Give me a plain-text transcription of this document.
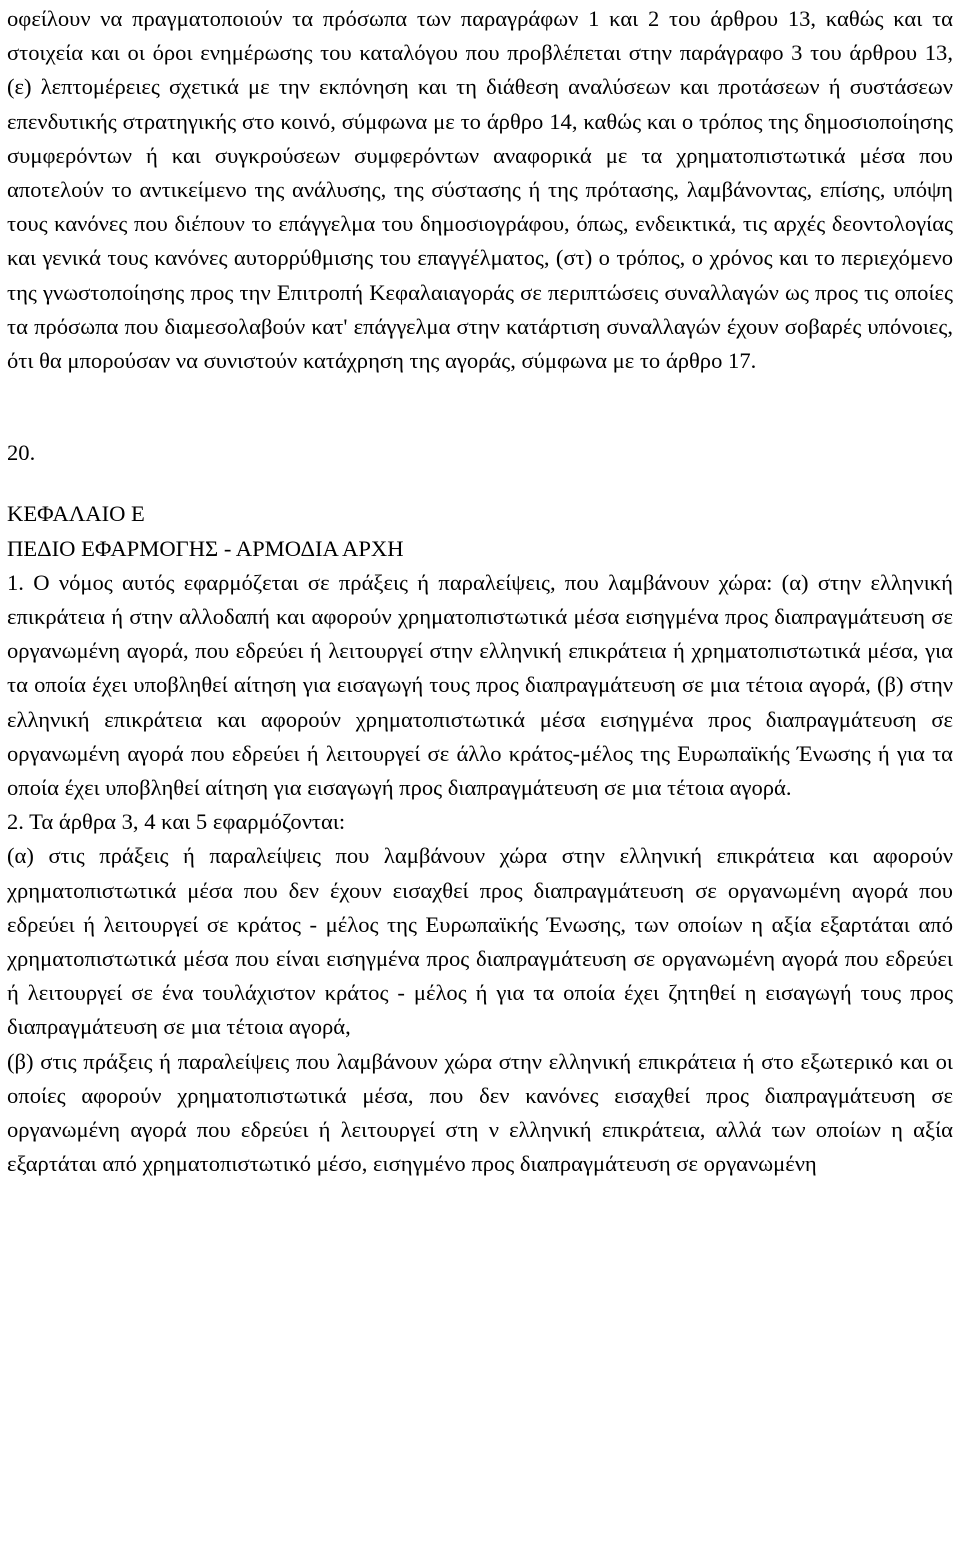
οφείλουν να πραγματοποιούν τα πρόσωπα των παραγράφων 1 και 2 του άρθρου 13, καθώς και τα στοιχεία και οι όροι ενημέρωσης του καταλόγου που προβλέπεται στην παράγραφο 3 του άρθρου 13, (ε) λεπτομέρειες σχετικά με την εκπόνηση και τη διάθεση αναλύσεων και προτάσεων ή συστάσεων επενδυτικής στρατηγικής στο κοινό, σύμφωνα με το άρθρο 14, καθώς και ο τρόπος της δημοσιοποίησης συμφερόντων ή και συγκρούσεων συμφερόντων αναφορικά με τα χρηματοπιστωτικά μέσα που αποτελούν το αντικείμενο της ανάλυσης, της σύστασης ή της πρότασης, λαμβάνοντας, επίσης, υπόψη τους κανόνες που διέπουν το επάγγελμα του δημοσιογράφου, όπως, ενδεικτικά, τις αρχές δεοντολογίας και γενικά τους κανόνες αυτορρύθμισης του επαγγέλματος, (στ) ο τρόπος, ο χρόνος και το περιεχόμενο της γνωστοποίησης προς την Επιτροπή Κεφαλαιαγοράς σε περιπτώσεις συναλλαγών ως προς τις οποίες τα πρόσωπα που διαμεσολαβούν κατ' επάγγελμα στην κατάρτιση συναλλαγών έχουν σοβαρές υπόνοιες, ότι θα μπορούσαν να συνιστούν κατάχρηση της αγοράς, σύμφωνα με το άρθρο 17.

20.

ΚΕΦΑΛΑΙΟ Ε

ΠΕΔΙΟ ΕΦΑΡΜΟΓΗΣ - ΑΡΜΟΔΙΑ ΑΡΧΗ

1. Ο νόμος αυτός εφαρμόζεται σε πράξεις ή παραλείψεις, που λαμβάνουν χώρα: (α) στην ελληνική επικράτεια ή στην αλλοδαπή και αφορούν χρηματοπιστωτικά μέσα εισηγμένα προς διαπραγμάτευση σε οργανωμένη αγορά, που εδρεύει ή λειτουργεί στην ελληνική επικράτεια ή χρηματοπιστωτικά μέσα, για τα οποία έχει υποβληθεί αίτηση για εισαγωγή τους προς διαπραγμάτευση σε μια τέτοια αγορά, (β) στην ελληνική επικράτεια και αφορούν χρηματοπιστωτικά μέσα εισηγμένα προς διαπραγμάτευση σε οργανωμένη αγορά που εδρεύει ή λειτουργεί σε άλλο κράτος-μέλος της Ευρωπαϊκής Ένωσης ή για τα οποία έχει υποβληθεί αίτηση για εισαγωγή προς διαπραγμάτευση σε μια τέτοια αγορά.

2. Τα άρθρα 3, 4 και 5 εφαρμόζονται:

(α) στις πράξεις ή παραλείψεις που λαμβάνουν χώρα στην ελληνική επικράτεια και αφορούν χρηματοπιστωτικά μέσα που δεν έχουν εισαχθεί προς διαπραγμάτευση σε οργανωμένη αγορά που εδρεύει ή λειτουργεί σε κράτος - μέλος της Ευρωπαϊκής Ένωσης, των οποίων η αξία εξαρτάται από χρηματοπιστωτικά μέσα που είναι εισηγμένα προς διαπραγμάτευση σε οργανωμένη αγορά που εδρεύει ή λειτουργεί σε ένα τουλάχιστον κράτος - μέλος ή για τα οποία έχει ζητηθεί η εισαγωγή τους προς διαπραγμάτευση σε μια τέτοια αγορά,

(β) στις πράξεις ή παραλείψεις που λαμβάνουν χώρα στην ελληνική επικράτεια ή στο εξωτερικό και οι οποίες αφορούν χρηματοπιστωτικά μέσα, που δεν κανόνες εισαχθεί προς διαπραγμάτευση σε οργανωμένη αγορά που εδρεύει ή λειτουργεί στη ν ελληνική επικράτεια, αλλά των οποίων η αξία εξαρτάται από χρηματοπιστωτικό μέσο, εισηγμένο προς διαπραγμάτευση σε οργανωμένη
